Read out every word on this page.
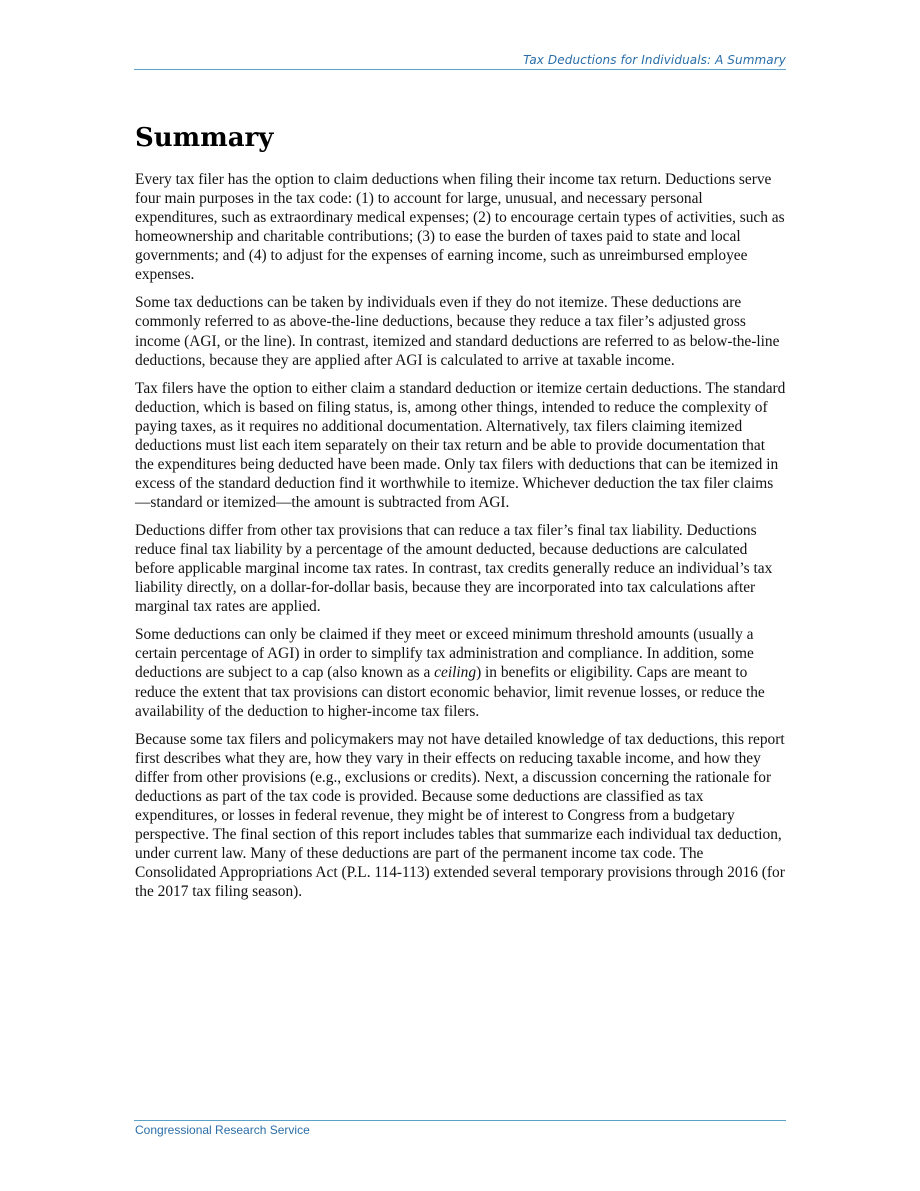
Tax Deductions for Individuals: A Summary
Summary

Every tax filer has the option to claim deductions when filing their income tax return. Deductions serve four main purposes in the tax code: (1) to account for large, unusual, and necessary personal expenditures, such as extraordinary medical expenses; (2) to encourage certain types of activities, such as homeownership and charitable contributions; (3) to ease the burden of taxes paid to state and local governments; and (4) to adjust for the expenses of earning income, such as unreimbursed employee expenses.

Some tax deductions can be taken by individuals even if they do not itemize. These deductions are commonly referred to as above-the-line deductions, because they reduce a tax filer’s adjusted gross income (AGI, or the line). In contrast, itemized and standard deductions are referred to as below-the-line deductions, because they are applied after AGI is calculated to arrive at taxable income.

Tax filers have the option to either claim a standard deduction or itemize certain deductions. The standard deduction, which is based on filing status, is, among other things, intended to reduce the complexity of paying taxes, as it requires no additional documentation. Alternatively, tax filers claiming itemized deductions must list each item separately on their tax return and be able to provide documentation that the expenditures being deducted have been made. Only tax filers with deductions that can be itemized in excess of the standard deduction find it worthwhile to itemize. Whichever deduction the tax filer claims—standard or itemized—the amount is subtracted from AGI.

Deductions differ from other tax provisions that can reduce a tax filer’s final tax liability. Deductions reduce final tax liability by a percentage of the amount deducted, because deductions are calculated before applicable marginal income tax rates. In contrast, tax credits generally reduce an individual’s tax liability directly, on a dollar-for-dollar basis, because they are incorporated into tax calculations after marginal tax rates are applied.

Some deductions can only be claimed if they meet or exceed minimum threshold amounts (usually a certain percentage of AGI) in order to simplify tax administration and compliance. In addition, some deductions are subject to a cap (also known as a ceiling) in benefits or eligibility. Caps are meant to reduce the extent that tax provisions can distort economic behavior, limit revenue losses, or reduce the availability of the deduction to higher-income tax filers.

Because some tax filers and policymakers may not have detailed knowledge of tax deductions, this report first describes what they are, how they vary in their effects on reducing taxable income, and how they differ from other provisions (e.g., exclusions or credits). Next, a discussion concerning the rationale for deductions as part of the tax code is provided. Because some deductions are classified as tax expenditures, or losses in federal revenue, they might be of interest to Congress from a budgetary perspective. The final section of this report includes tables that summarize each individual tax deduction, under current law. Many of these deductions are part of the permanent income tax code. The Consolidated Appropriations Act (P.L. 114-113) extended several temporary provisions through 2016 (for the 2017 tax filing season).

Congressional Research Service
